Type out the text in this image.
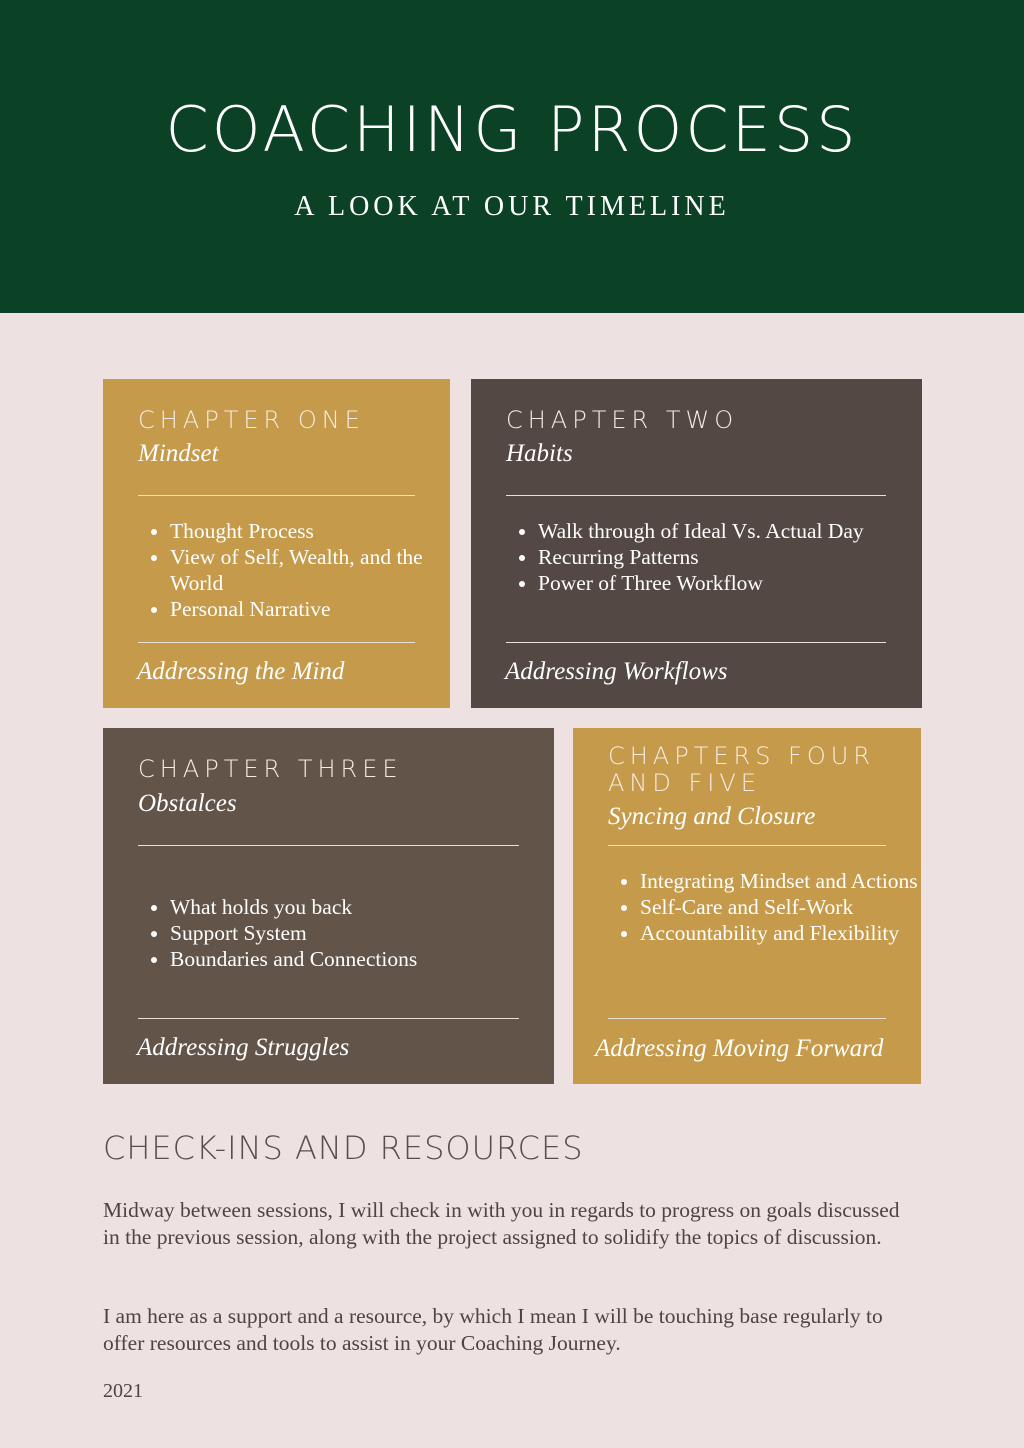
COACHING PROCESS
A LOOK AT OUR TIMELINE
CHAPTER ONE
Mindset
• Thought Process
• View of Self, Wealth, and the World
• Personal Narrative
Addressing the Mind
CHAPTER TWO
Habits
• Walk through of Ideal Vs. Actual Day
• Recurring Patterns
• Power of Three Workflow
Addressing Workflows
CHAPTER THREE
Obstalces
• What holds you back
• Support System
• Boundaries and Connections
Addressing Struggles
CHAPTERS FOUR AND FIVE
Syncing and Closure
• Integrating Mindset and Actions
• Self-Care and Self-Work
• Accountability and Flexibility
Addressing Moving Forward
CHECK-INS AND RESOURCES

Midway between sessions, I will check in with you in regards to progress on goals discussed in the previous session, along with the project assigned to solidify the topics of discussion.

I am here as a support and a resource, by which I mean I will be touching base regularly to offer resources and tools to assist in your Coaching Journey.

2021
